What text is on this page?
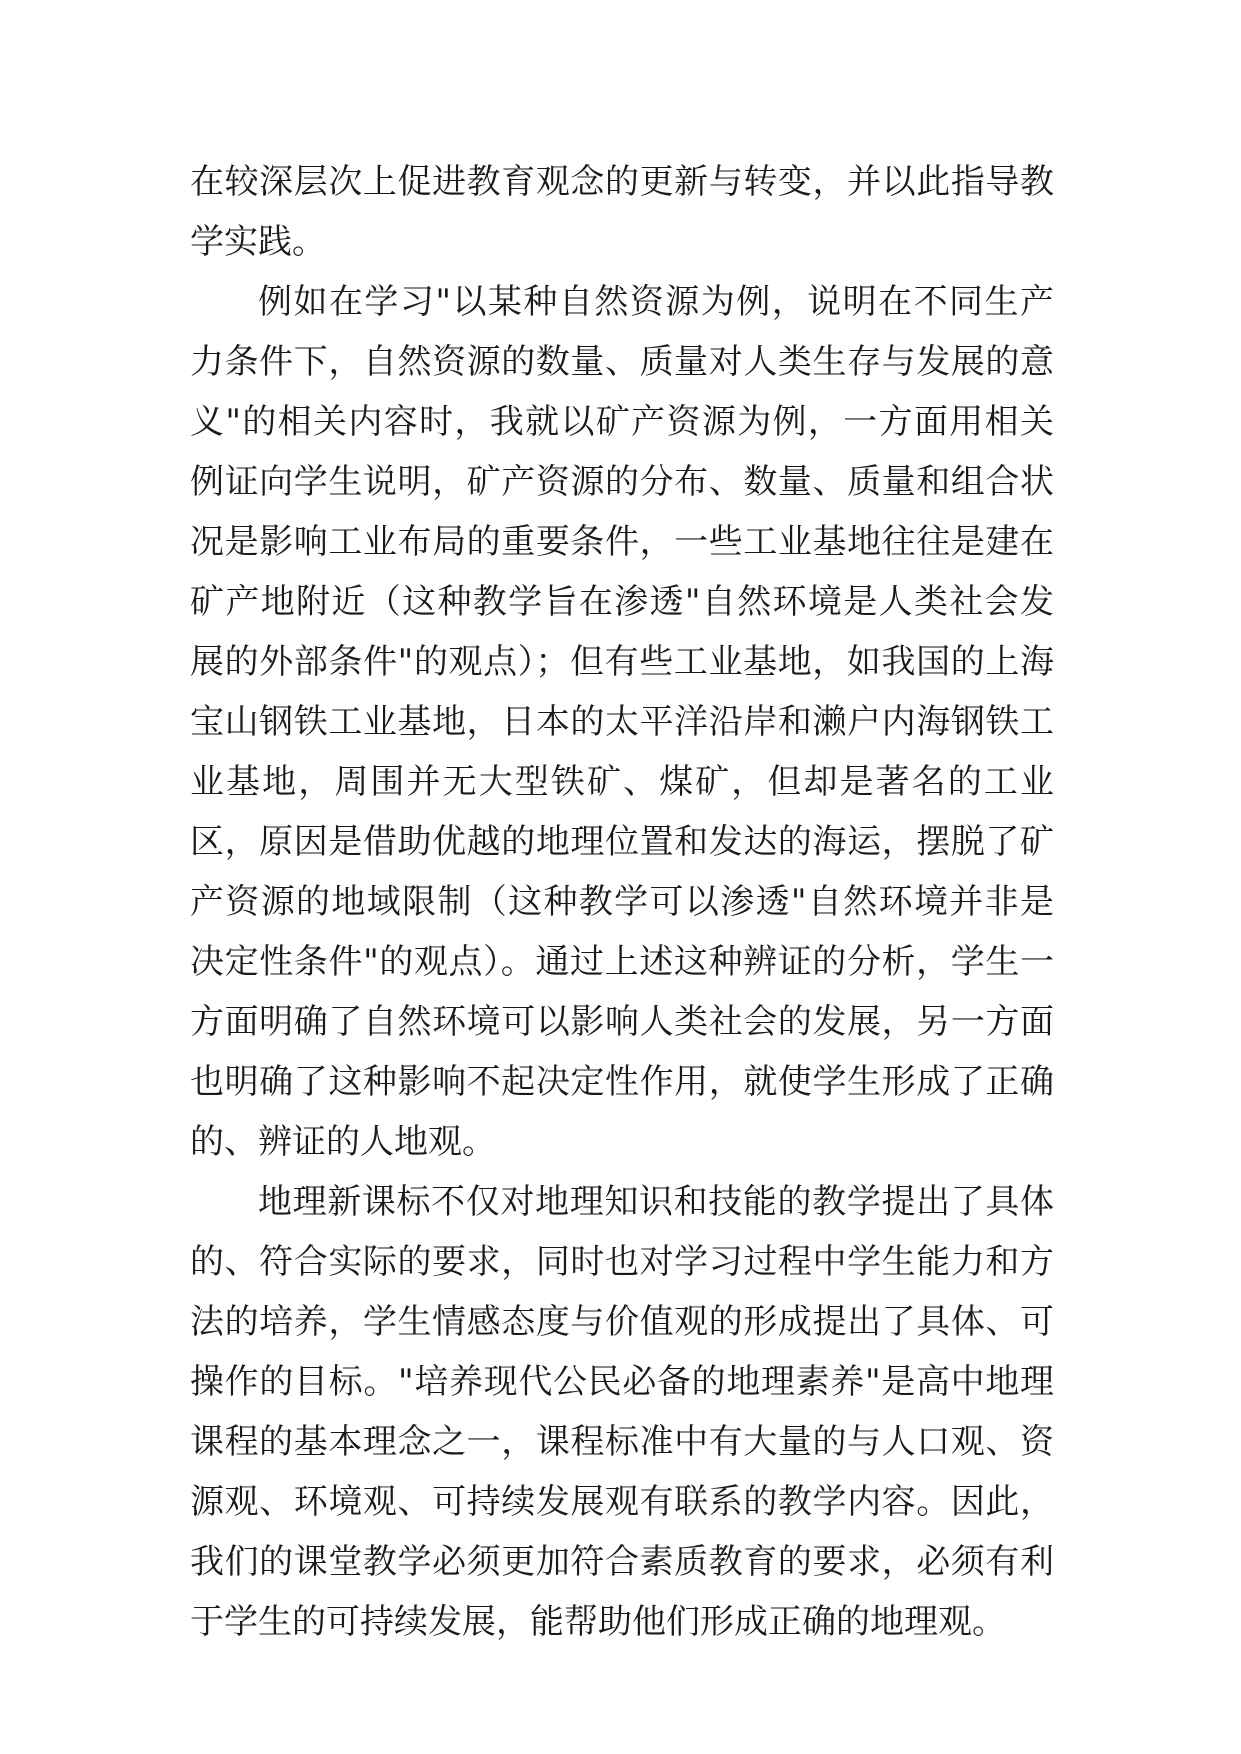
在较深层次上促进教育观念的更新与转变，并以此指导教学实践。

例如在学习"以某种自然资源为例，说明在不同生产力条件下，自然资源的数量、质量对人类生存与发展的意义"的相关内容时，我就以矿产资源为例，一方面用相关例证向学生说明，矿产资源的分布、数量、质量和组合状况是影响工业布局的重要条件，一些工业基地往往是建在矿产地附近（这种教学旨在渗透"自然环境是人类社会发展的外部条件"的观点）；但有些工业基地，如我国的上海宝山钢铁工业基地，日本的太平洋沿岸和濑户内海钢铁工业基地，周围并无大型铁矿、煤矿，但却是著名的工业区，原因是借助优越的地理位置和发达的海运，摆脱了矿产资源的地域限制（这种教学可以渗透"自然环境并非是决定性条件"的观点）。通过上述这种辨证的分析，学生一方面明确了自然环境可以影响人类社会的发展，另一方面也明确了这种影响不起决定性作用，就使学生形成了正确的、辨证的人地观。

地理新课标不仅对地理知识和技能的教学提出了具体的、符合实际的要求，同时也对学习过程中学生能力和方法的培养，学生情感态度与价值观的形成提出了具体、可操作的目标。"培养现代公民必备的地理素养"是高中地理课程的基本理念之一，课程标准中有大量的与人口观、资源观、环境观、可持续发展观有联系的教学内容。因此，我们的课堂教学必须更加符合素质教育的要求，必须有利于学生的可持续发展，能帮助他们形成正确的地理观。
